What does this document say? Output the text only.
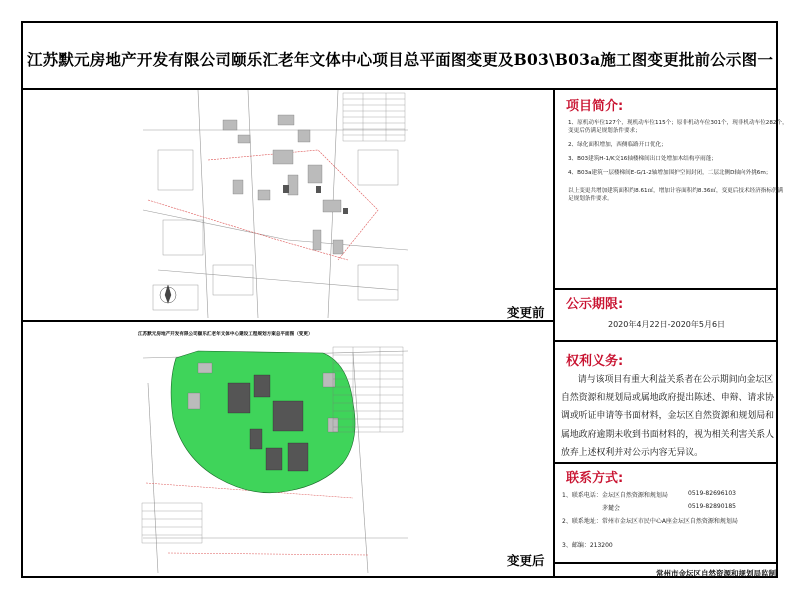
江苏默元房地产开发有限公司颐乐汇老年文体中心项目总平面图变更及B03\B03a施工图变更批前公示图一
变更前
江苏默元房地产开发有限公司颐乐汇老年文体中心建设工程规划方案总平面图（变更）
变更后
项目简介:

1、原机动车位127个，现机动车位115个；原非机动车位301个，现非机动车位282个，变更后仍满足规划条件要求；

2、绿化面积增加，西侧临路开口优化；

3、B03建筑H-1/K交16轴楼梯间出口处增加木结构亭雨蓬；

4、B03a建筑一层楼梯间E-G/1-2轴增加围护空间封闭，二层北侧D轴向外挑6m；

以上变更共增加建筑面积约8.61㎡，增加计容面积约8.36㎡，变更后技术经济指标仍满足规划条件要求。

公示期限:
2020年4月22日-2020年5月6日
权利义务:
请与该项目有重大利益关系者在公示期间向金坛区自然资源和规划局或属地政府提出陈述、申辩、请求协调或听证申请等书面材料，金坛区自然资源和规划局和属地政府逾期未收到书面材料的，视为相关利害关系人放弃上述权利并对公示内容无异议。
联系方式:
1、联系电话：金坛区自然资源和规划局	0519-82696103
茅麓会	0519-82890185
2、联系地址：常州市金坛区市民中心A座金坛区自然资源和规划局
3、邮编：213200
常州市金坛区自然资源和规划局监制
